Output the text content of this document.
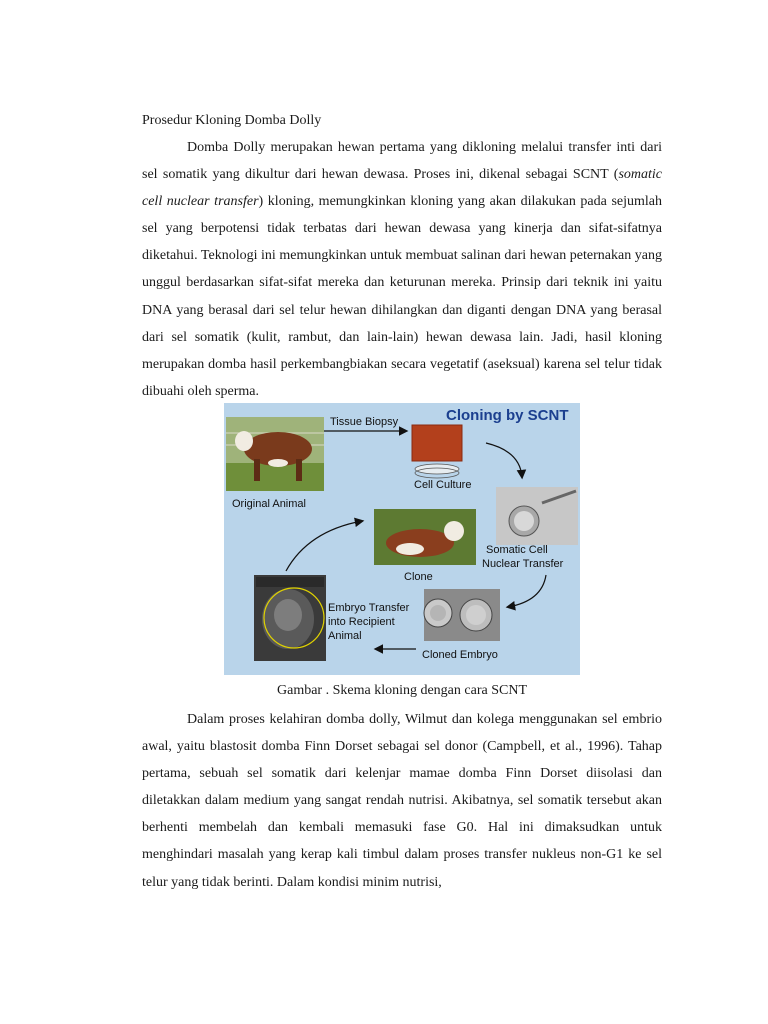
Prosedur Kloning Domba Dolly

Domba Dolly merupakan hewan pertama yang dikloning melalui transfer inti dari sel somatik yang dikultur dari hewan dewasa. Proses ini, dikenal sebagai SCNT (somatic cell nuclear transfer) kloning, memungkinkan kloning yang akan dilakukan pada sejumlah sel yang berpotensi tidak terbatas dari hewan dewasa yang kinerja dan sifat-sifatnya diketahui. Teknologi ini memungkinkan untuk membuat salinan dari hewan peternakan yang unggul berdasarkan sifat-sifat mereka dan keturunan mereka. Prinsip dari teknik ini yaitu DNA yang berasal dari sel telur hewan dihilangkan dan diganti dengan DNA yang berasal dari sel somatik (kulit, rambut, dan lain-lain) hewan dewasa lain. Jadi, hasil kloning merupakan domba hasil perkembangbiakan secara vegetatif (aseksual) karena sel telur tidak dibuahi oleh sperma.

Original Animal
Tissue Biopsy	Cloning by SCNT
Cell Culture
Somatic Cell
Nuclear Transfer
Clone
Embryo Transfer
into Recipient
Animal
Cloned Embryo

Gambar . Skema kloning dengan cara SCNT

Dalam proses kelahiran domba dolly, Wilmut dan kolega menggunakan sel embrio awal, yaitu blastosit domba Finn Dorset sebagai sel donor (Campbell, et al., 1996). Tahap pertama, sebuah sel somatik dari kelenjar mamae domba Finn Dorset diisolasi dan diletakkan dalam medium yang sangat rendah nutrisi. Akibatnya, sel somatik tersebut akan berhenti membelah dan kembali memasuki fase G0. Hal ini dimaksudkan untuk menghindari masalah yang kerap kali timbul dalam proses transfer nukleus non-G1 ke sel telur yang tidak berinti. Dalam kondisi minim nutrisi,
